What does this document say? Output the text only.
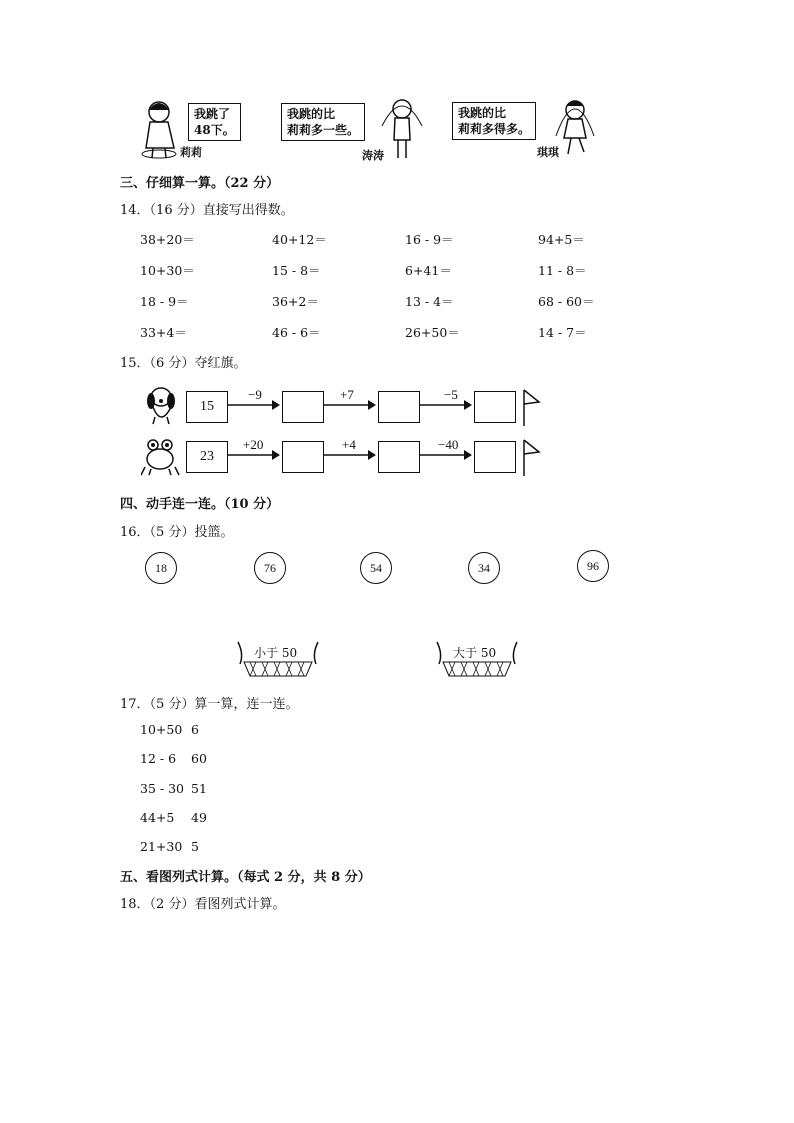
我跳了
48下。
莉莉
我跳的比
莉莉多一些。
涛涛
我跳的比
莉莉多得多。
琪琪
三、仔细算一算。（22 分）
14．（16 分）直接写出得数。
38+20＝	40+12＝	16 - 9＝	94+5＝
10+30＝	15 - 8＝	6+41＝	11 - 8＝
18 - 9＝	36+2＝	13 - 4＝	68 - 60＝
33+4＝	46 - 6＝	26+50＝	14 - 7＝
15．（6 分）夺红旗。
15
−9	+7	−5
23
+20	+4	−40
四、动手连一连。（10 分）
16．（5 分）投篮。
18	76	54	34	96
小于 50	大于 50
17．（5 分）算一算，连一连。
10+50 6
12 - 6 60
35 - 30 51
44+5 49
21+30 5
五、看图列式计算。（每式 2 分，共 8 分）
18．（2 分）看图列式计算。
